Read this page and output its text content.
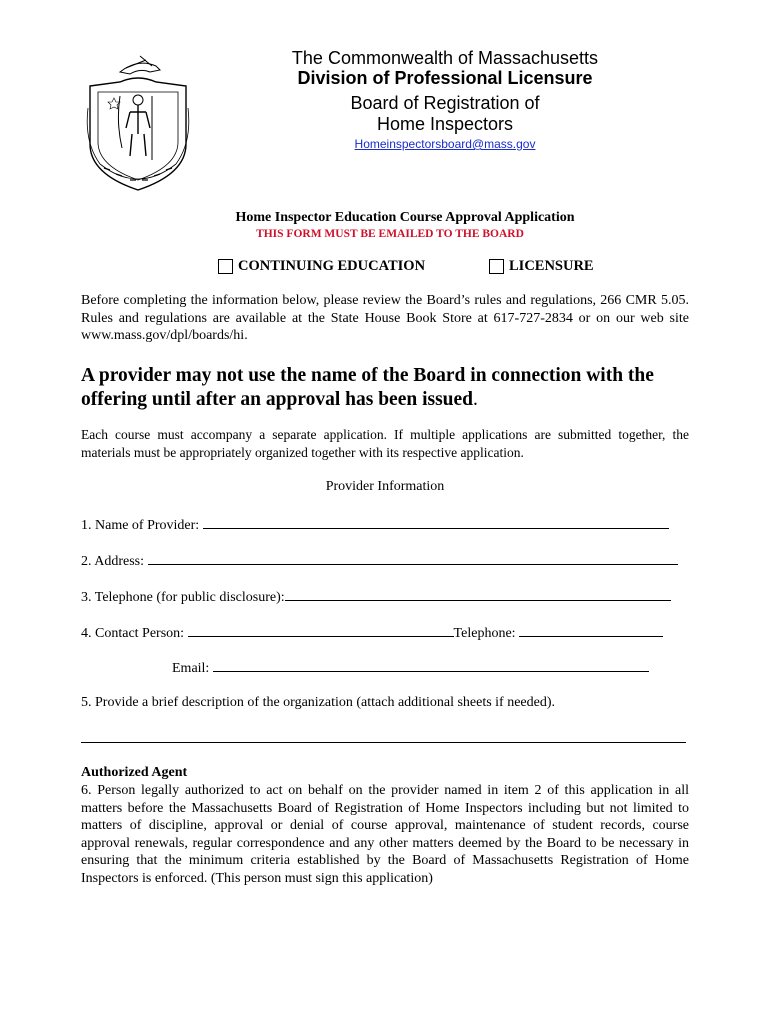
The Commonwealth of Massachusetts
Division of Professional Licensure
Board of Registration of
Home Inspectors
Homeinspectorsboard@mass.gov
Home Inspector Education Course Approval Application
THIS FORM MUST BE EMAILED TO THE BOARD
CONTINUING EDUCATION	LICENSURE
Before completing the information below, please review the Board’s rules and regulations, 266 CMR 5.05. Rules and regulations are available at the State House Book Store at 617-727-2834 or on our web site www.mass.gov/dpl/boards/hi.
A provider may not use the name of the Board in connection with the offering until after an approval has been issued.
Each course must accompany a separate application. If multiple applications are submitted together, the materials must be appropriately organized together with its respective application.
Provider Information
1. Name of Provider:
2. Address:
3. Telephone (for public disclosure):
4. Contact Person:	Telephone:
Email:
5. Provide a brief description of the organization (attach additional sheets if needed).
Authorized Agent
6. Person legally authorized to act on behalf on the provider named in item 2 of this application in all matters before the Massachusetts Board of Registration of Home Inspectors including but not limited to matters of discipline, approval or denial of course approval, maintenance of student records, course approval renewals, regular correspondence and any other matters deemed by the Board to be necessary in ensuring that the minimum criteria established by the Board of Massachusetts Registration of Home Inspectors is enforced. (This person must sign this application)
